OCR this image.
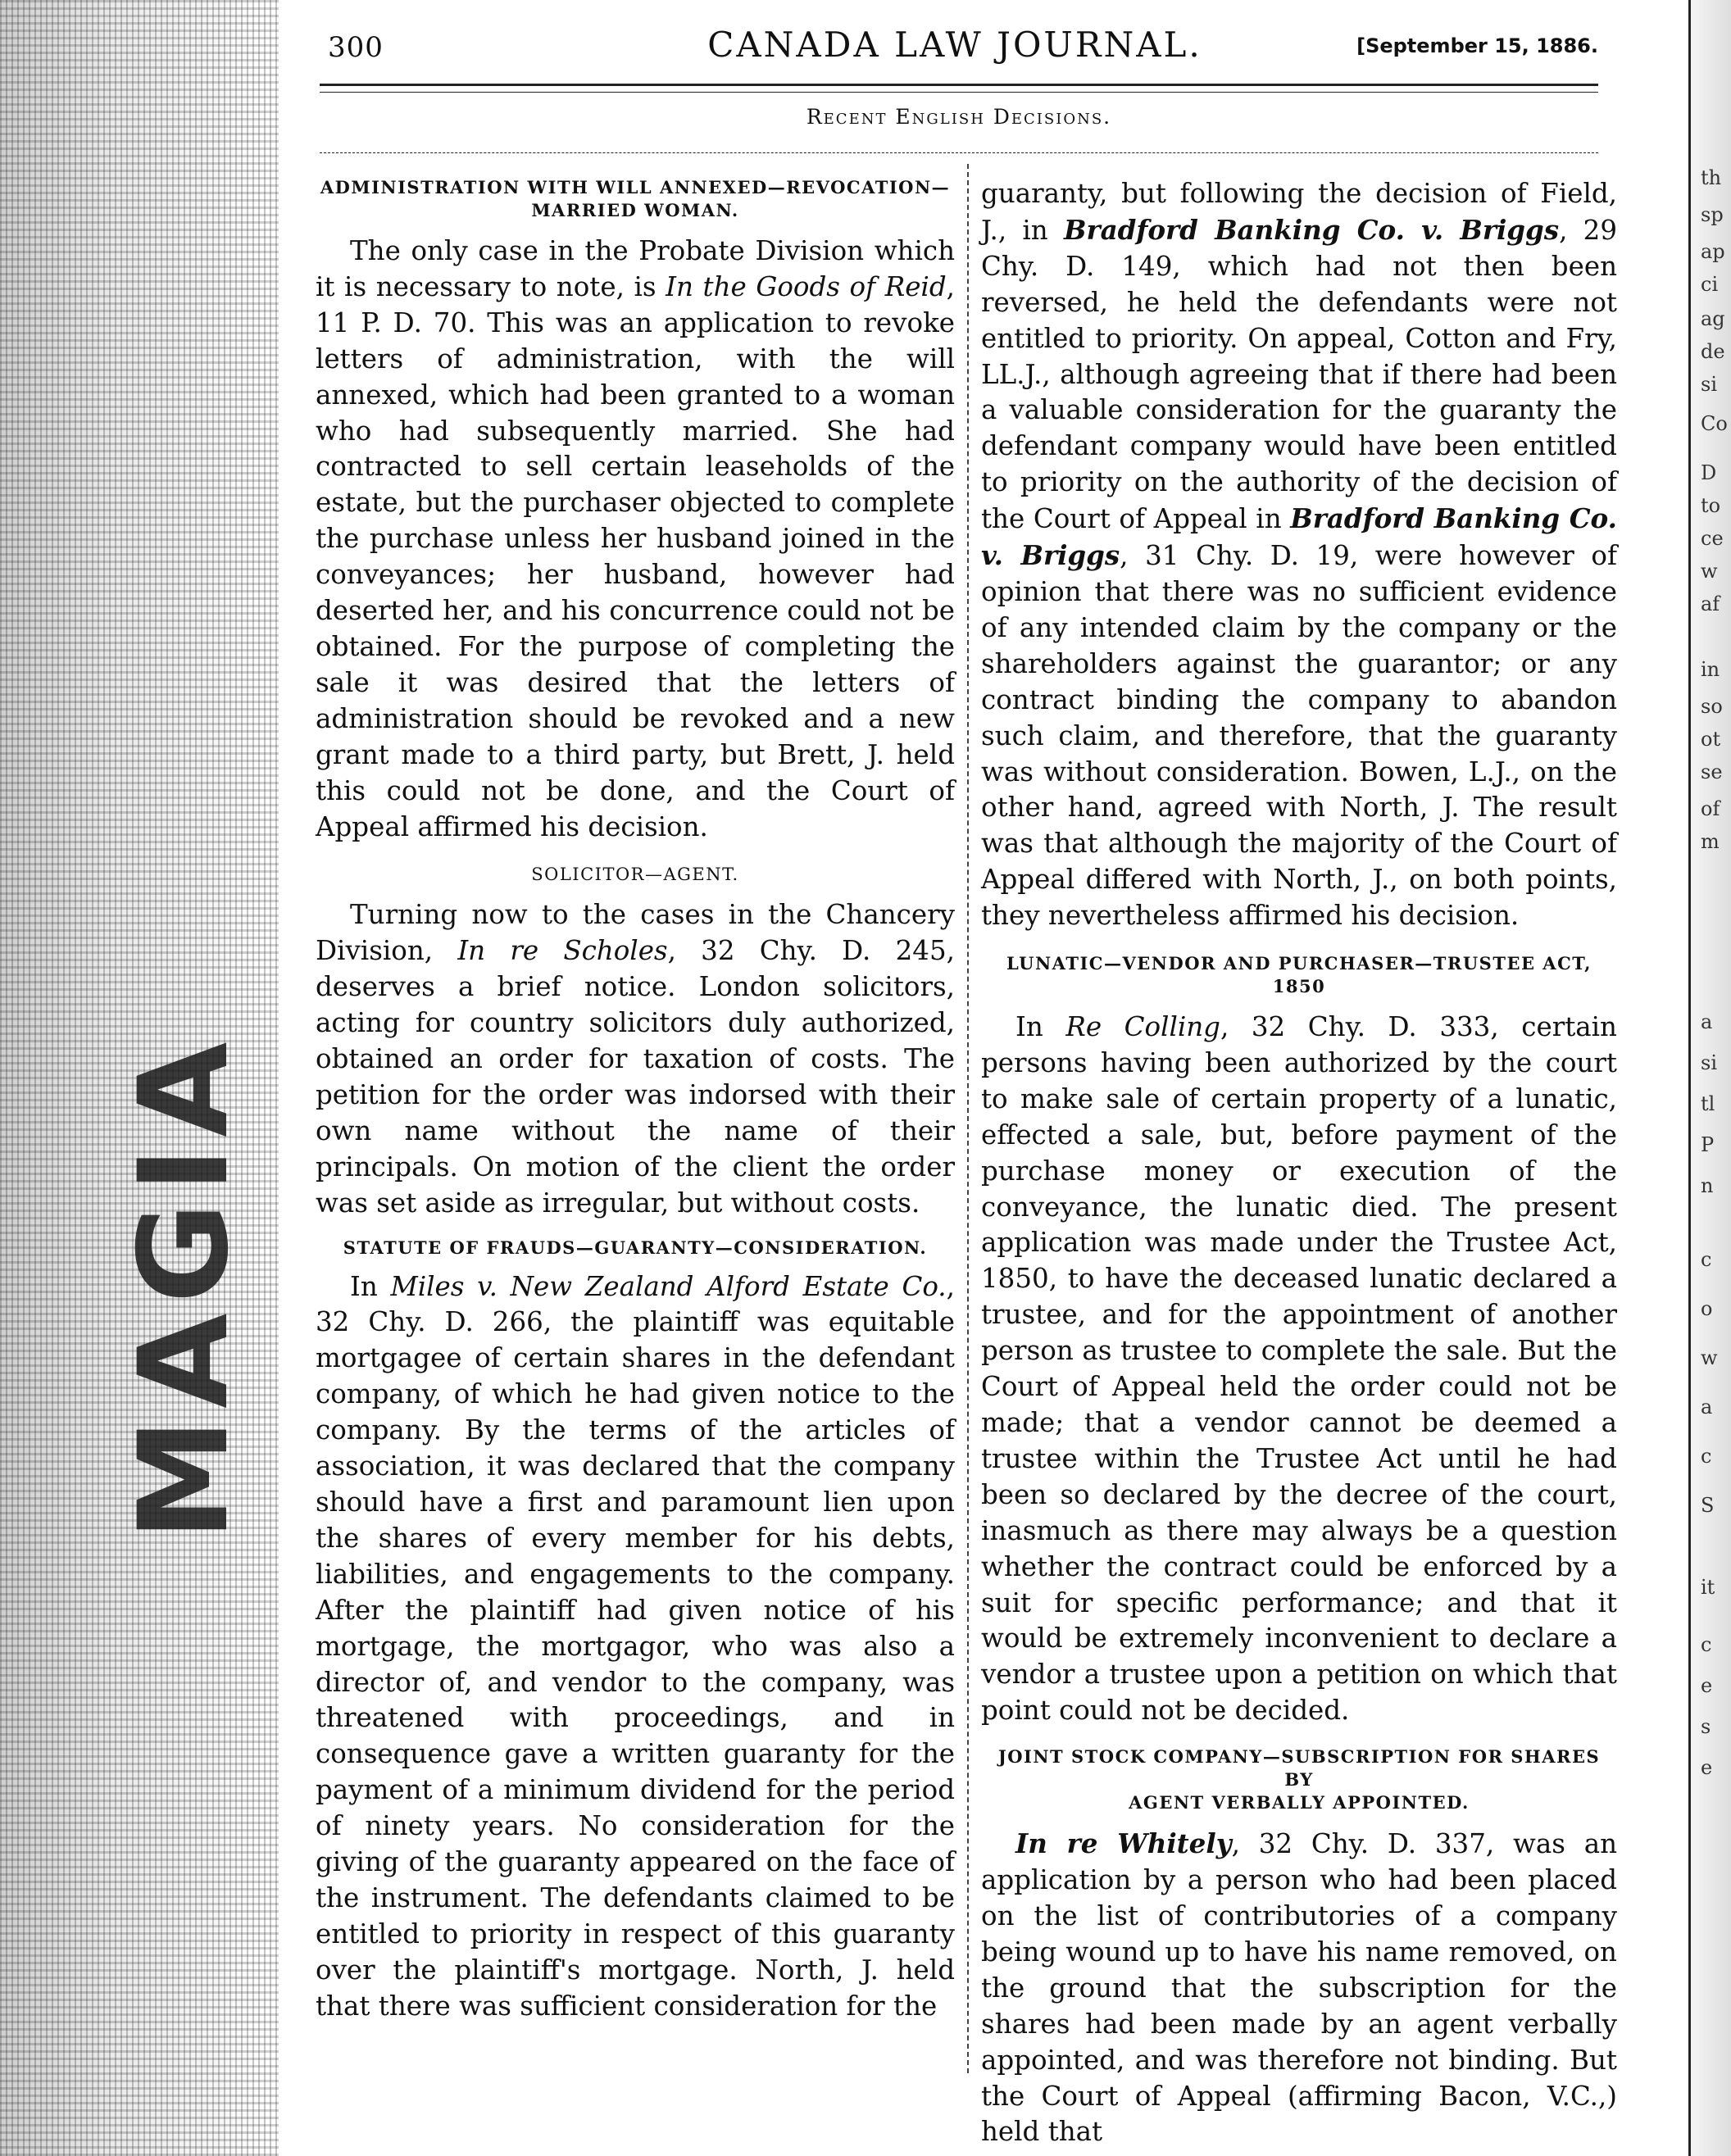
MAGIA
th
sp
ap
ci
ag
de
si
Co
D
to
ce
w
af
in
so
ot
se
of
m
a
si
tl
P
n
c
o
w
a
c
S
it
c
e
s
e
300	CANADA LAW JOURNAL.	[September 15, 1886.
Recent English Decisions.

ADMINISTRATION WITH WILL ANNEXED—REVOCATION—
MARRIED WOMAN.

The only case in the Probate Division which it is necessary to note, is In the Goods of Reid, 11 P. D. 70. This was an application to revoke letters of administration, with the will annexed, which had been granted to a woman who had subsequently married. She had contracted to sell certain leaseholds of the estate, but the purchaser objected to complete the purchase unless her husband joined in the conveyances; her husband, however had deserted her, and his concurrence could not be obtained. For the purpose of completing the sale it was desired that the letters of administration should be revoked and a new grant made to a third party, but Brett, J. held this could not be done, and the Court of Appeal affirmed his decision.

SOLICITOR—AGENT.

Turning now to the cases in the Chancery Division, In re Scholes, 32 Chy. D. 245, deserves a brief notice. London solicitors, acting for country solicitors duly authorized, obtained an order for taxation of costs. The petition for the order was indorsed with their own name without the name of their principals. On motion of the client the order was set aside as irregular, but without costs.

STATUTE OF FRAUDS—GUARANTY—CONSIDERATION.

In Miles v. New Zealand Alford Estate Co., 32 Chy. D. 266, the plaintiff was equitable mortgagee of certain shares in the defendant company, of which he had given notice to the company. By the terms of the articles of association, it was declared that the company should have a first and paramount lien upon the shares of every member for his debts, liabilities, and engagements to the company. After the plaintiff had given notice of his mortgage, the mortgagor, who was also a director of, and vendor to the company, was threatened with proceedings, and in consequence gave a written guaranty for the payment of a minimum dividend for the period of ninety years. No consideration for the giving of the guaranty appeared on the face of the instrument. The defendants claimed to be entitled to priority in respect of this guaranty over the plaintiff's mortgage. North, J. held that there was sufficient consideration for the

guaranty, but following the decision of Field, J., in Bradford Banking Co. v. Briggs, 29 Chy. D. 149, which had not then been reversed, he held the defendants were not entitled to priority. On appeal, Cotton and Fry, LL.J., although agreeing that if there had been a valuable consideration for the guaranty the defendant company would have been entitled to priority on the authority of the decision of the Court of Appeal in Bradford Banking Co. v. Briggs, 31 Chy. D. 19, were however of opinion that there was no sufficient evidence of any intended claim by the company or the shareholders against the guarantor; or any contract binding the company to abandon such claim, and therefore, that the guaranty was without consideration. Bowen, L.J., on the other hand, agreed with North, J. The result was that although the majority of the Court of Appeal differed with North, J., on both points, they nevertheless affirmed his decision.

LUNATIC—VENDOR AND PURCHASER—TRUSTEE ACT, 1850

In Re Colling, 32 Chy. D. 333, certain persons having been authorized by the court to make sale of certain property of a lunatic, effected a sale, but, before payment of the purchase money or execution of the conveyance, the lunatic died. The present application was made under the Trustee Act, 1850, to have the deceased lunatic declared a trustee, and for the appointment of another person as trustee to complete the sale. But the Court of Appeal held the order could not be made; that a vendor cannot be deemed a trustee within the Trustee Act until he had been so declared by the decree of the court, inasmuch as there may always be a question whether the contract could be enforced by a suit for specific performance; and that it would be extremely inconvenient to declare a vendor a trustee upon a petition on which that point could not be decided.

JOINT STOCK COMPANY—SUBSCRIPTION FOR SHARES BY
AGENT VERBALLY APPOINTED.

In re Whitely, 32 Chy. D. 337, was an application by a person who had been placed on the list of contributories of a company being wound up to have his name removed, on the ground that the subscription for the shares had been made by an agent verbally appointed, and was therefore not binding. But the Court of Appeal (affirming Bacon, V.C.,) held that
